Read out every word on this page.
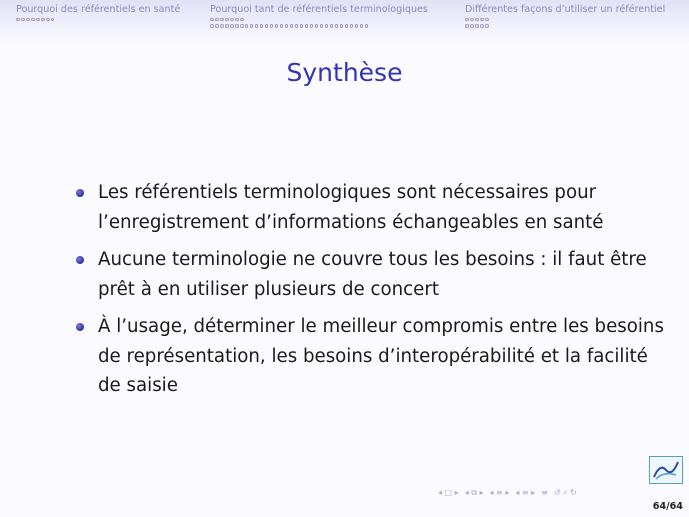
Pourquoi des référentiels en santé	Pourquoi tant de référentiels terminologiques	Différentes façons d’utiliser un référentiel
Synthèse
Les référentiels terminologiques sont nécessaires pour l’enregistrement d’informations échangeables en santé
Aucune terminologie ne couvre tous les besoins : il faut être prêt à en utiliser plusieurs de concert
À l’usage, déterminer le meilleur compromis entre les besoins de représentation, les besoins d’interopérabilité et la facilité de saisie
◂ □ ▸ ◂ ⧉ ▸ ◂ ≡ ▸ ◂ ≡ ▸ ≡ ↺ ⌕ ↻
64/64
